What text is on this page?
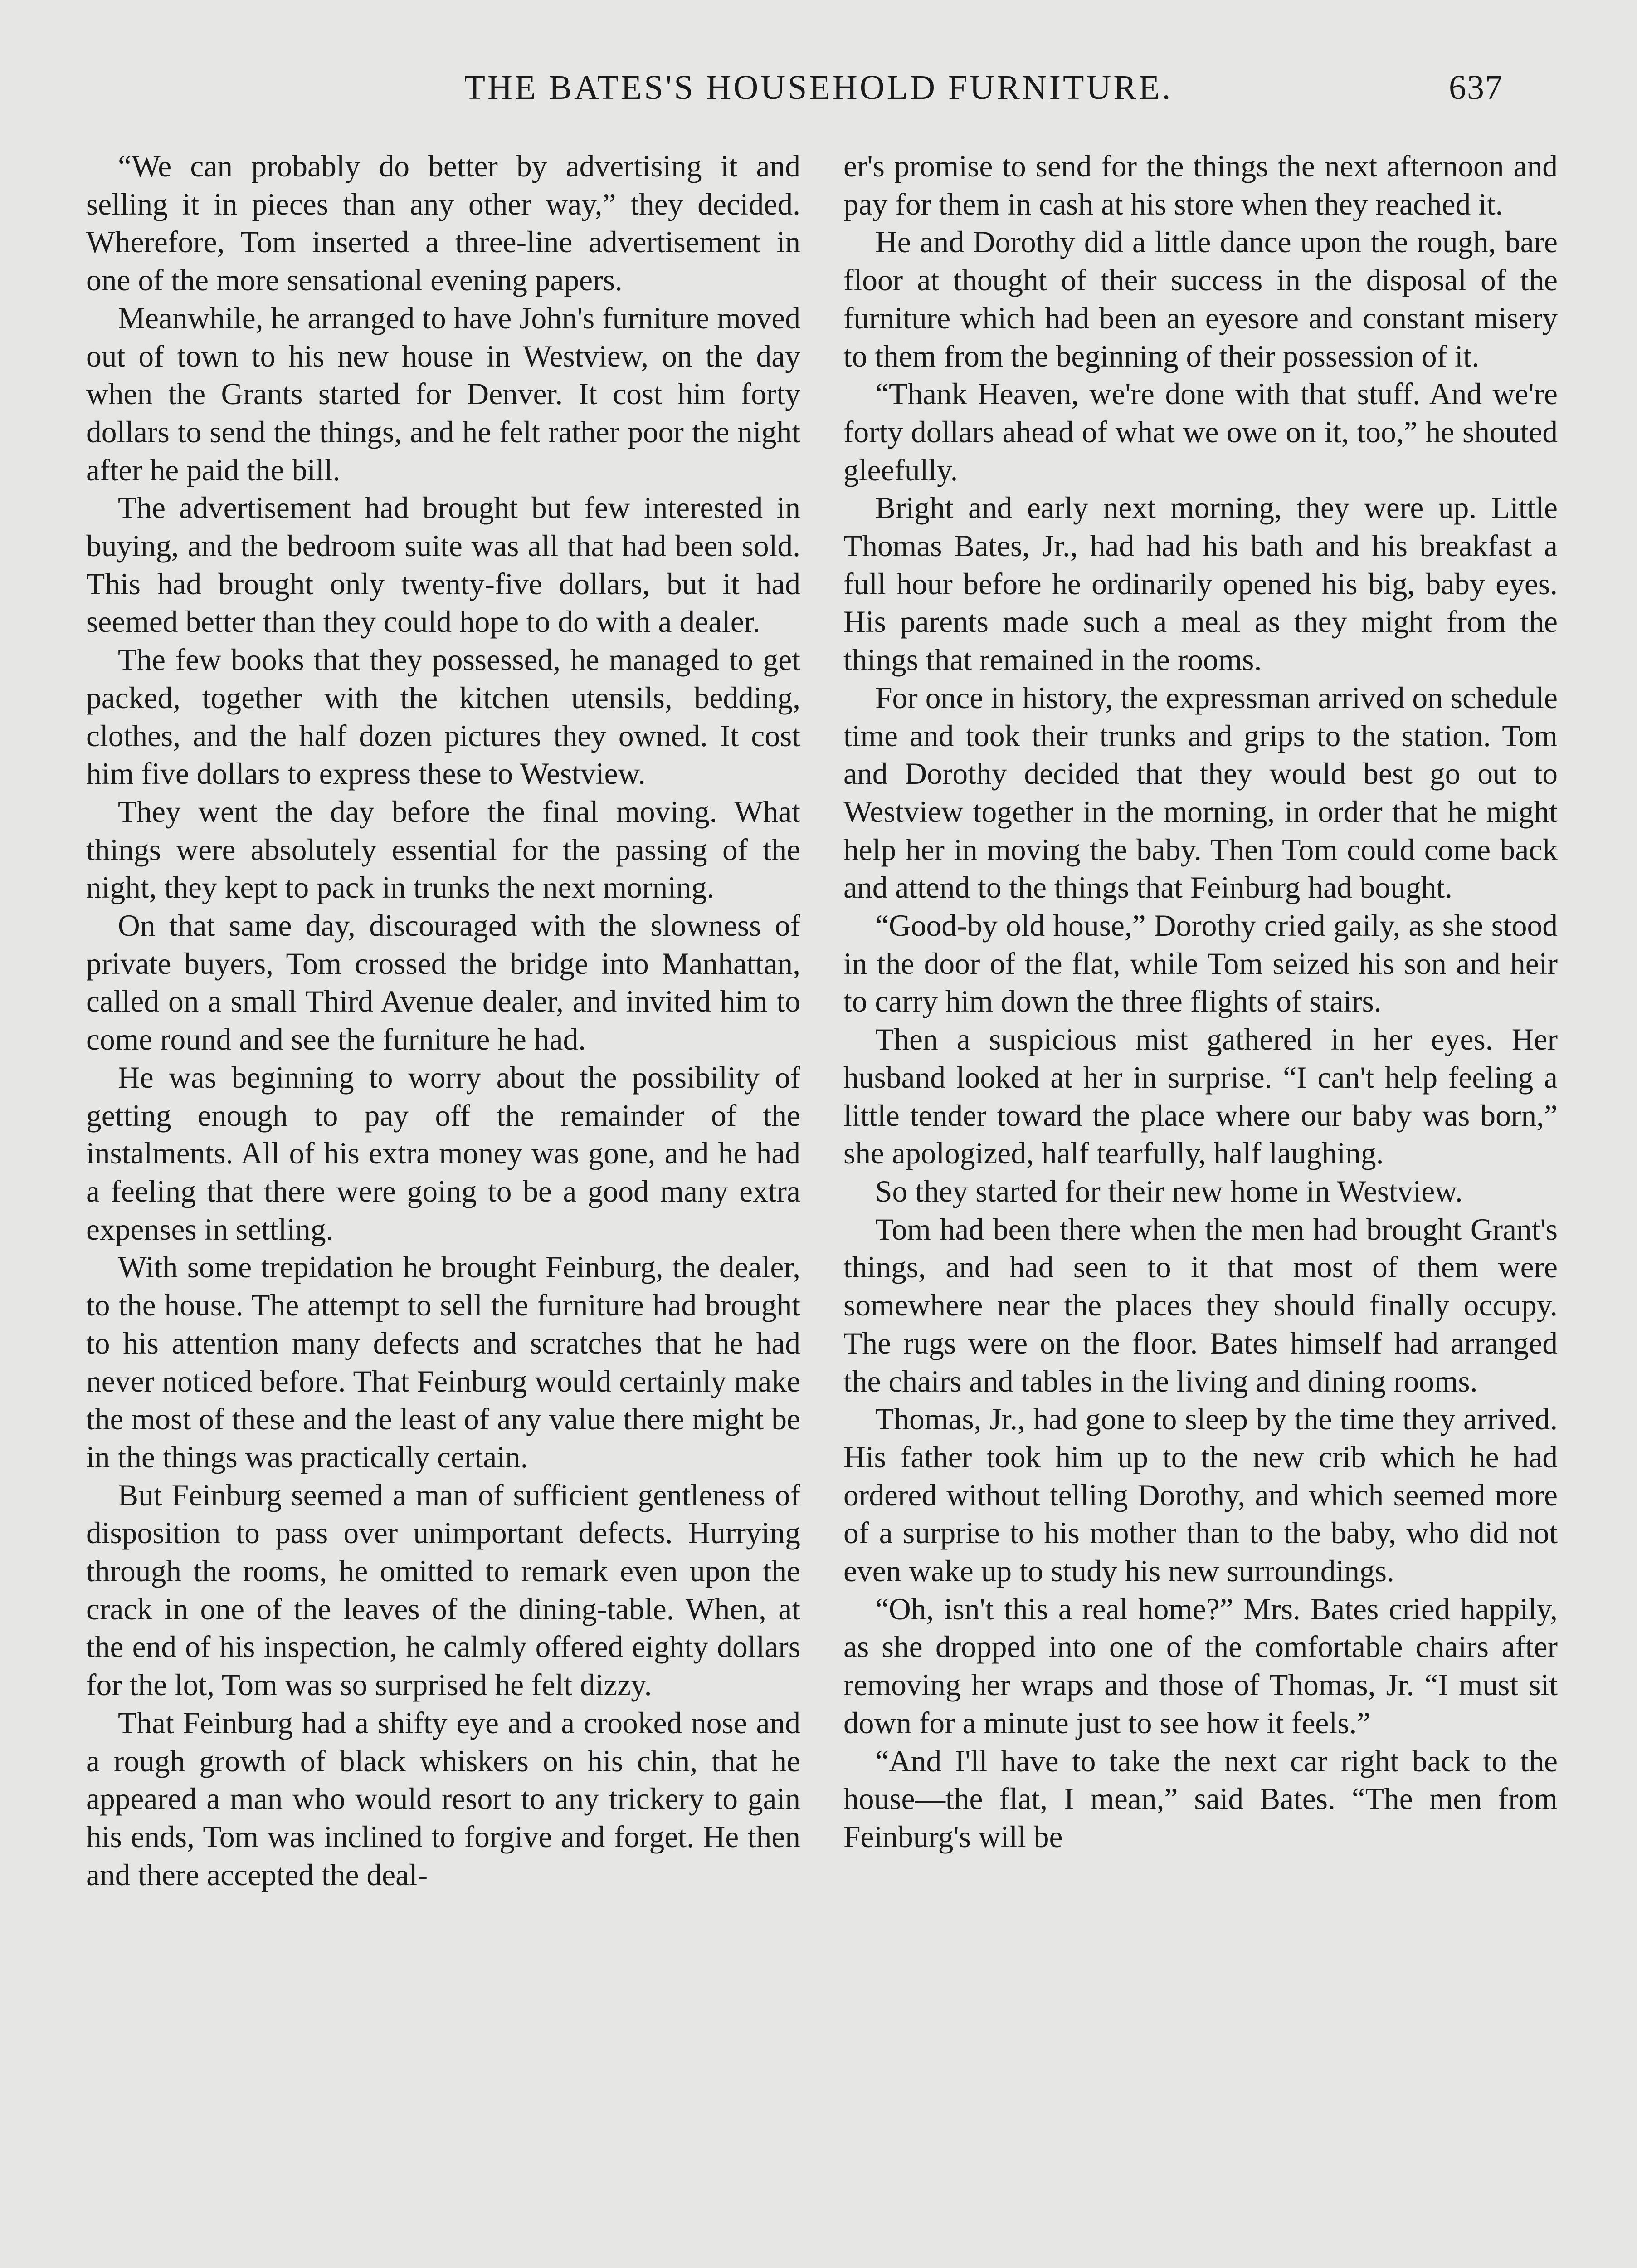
THE BATES'S HOUSEHOLD FURNITURE.	637

“We can probably do better by advertising it and selling it in pieces than any other way,” they decided. Wherefore, Tom inserted a three-line advertisement in one of the more sensational evening papers.

Meanwhile, he arranged to have John's furniture moved out of town to his new house in Westview, on the day when the Grants started for Denver. It cost him forty dollars to send the things, and he felt rather poor the night after he paid the bill.

The advertisement had brought but few interested in buying, and the bedroom suite was all that had been sold. This had brought only twenty-five dollars, but it had seemed better than they could hope to do with a dealer.

The few books that they possessed, he managed to get packed, together with the kitchen utensils, bedding, clothes, and the half dozen pictures they owned. It cost him five dollars to express these to Westview.

They went the day before the final moving. What things were absolutely essential for the passing of the night, they kept to pack in trunks the next morning.

On that same day, discouraged with the slowness of private buyers, Tom crossed the bridge into Manhattan, called on a small Third Avenue dealer, and invited him to come round and see the furniture he had.

He was beginning to worry about the possibility of getting enough to pay off the remainder of the instalments. All of his extra money was gone, and he had a feeling that there were going to be a good many extra expenses in settling.

With some trepidation he brought Feinburg, the dealer, to the house. The attempt to sell the furniture had brought to his attention many defects and scratches that he had never noticed before. That Feinburg would certainly make the most of these and the least of any value there might be in the things was practically certain.

But Feinburg seemed a man of sufficient gentleness of disposition to pass over unimportant defects. Hurrying through the rooms, he omitted to remark even upon the crack in one of the leaves of the dining-table. When, at the end of his inspection, he calmly offered eighty dollars for the lot, Tom was so surprised he felt dizzy.

That Feinburg had a shifty eye and a crooked nose and a rough growth of black whiskers on his chin, that he appeared a man who would resort to any trickery to gain his ends, Tom was inclined to forgive and forget. He then and there accepted the deal-

er's promise to send for the things the next afternoon and pay for them in cash at his store when they reached it.

He and Dorothy did a little dance upon the rough, bare floor at thought of their success in the disposal of the furniture which had been an eyesore and constant misery to them from the beginning of their possession of it.

“Thank Heaven, we're done with that stuff. And we're forty dollars ahead of what we owe on it, too,” he shouted gleefully.

Bright and early next morning, they were up. Little Thomas Bates, Jr., had had his bath and his breakfast a full hour before he ordinarily opened his big, baby eyes. His parents made such a meal as they might from the things that remained in the rooms.

For once in history, the expressman arrived on schedule time and took their trunks and grips to the station. Tom and Dorothy decided that they would best go out to Westview together in the morning, in order that he might help her in moving the baby. Then Tom could come back and attend to the things that Feinburg had bought.

“Good-by old house,” Dorothy cried gaily, as she stood in the door of the flat, while Tom seized his son and heir to carry him down the three flights of stairs.

Then a suspicious mist gathered in her eyes. Her husband looked at her in surprise. “I can't help feeling a little tender toward the place where our baby was born,” she apologized, half tearfully, half laughing.

So they started for their new home in Westview.

Tom had been there when the men had brought Grant's things, and had seen to it that most of them were somewhere near the places they should finally occupy. The rugs were on the floor. Bates himself had arranged the chairs and tables in the living and dining rooms.

Thomas, Jr., had gone to sleep by the time they arrived. His father took him up to the new crib which he had ordered without telling Dorothy, and which seemed more of a surprise to his mother than to the baby, who did not even wake up to study his new surroundings.

“Oh, isn't this a real home?” Mrs. Bates cried happily, as she dropped into one of the comfortable chairs after removing her wraps and those of Thomas, Jr. “I must sit down for a minute just to see how it feels.”

“And I'll have to take the next car right back to the house—the flat, I mean,” said Bates. “The men from Feinburg's will be
